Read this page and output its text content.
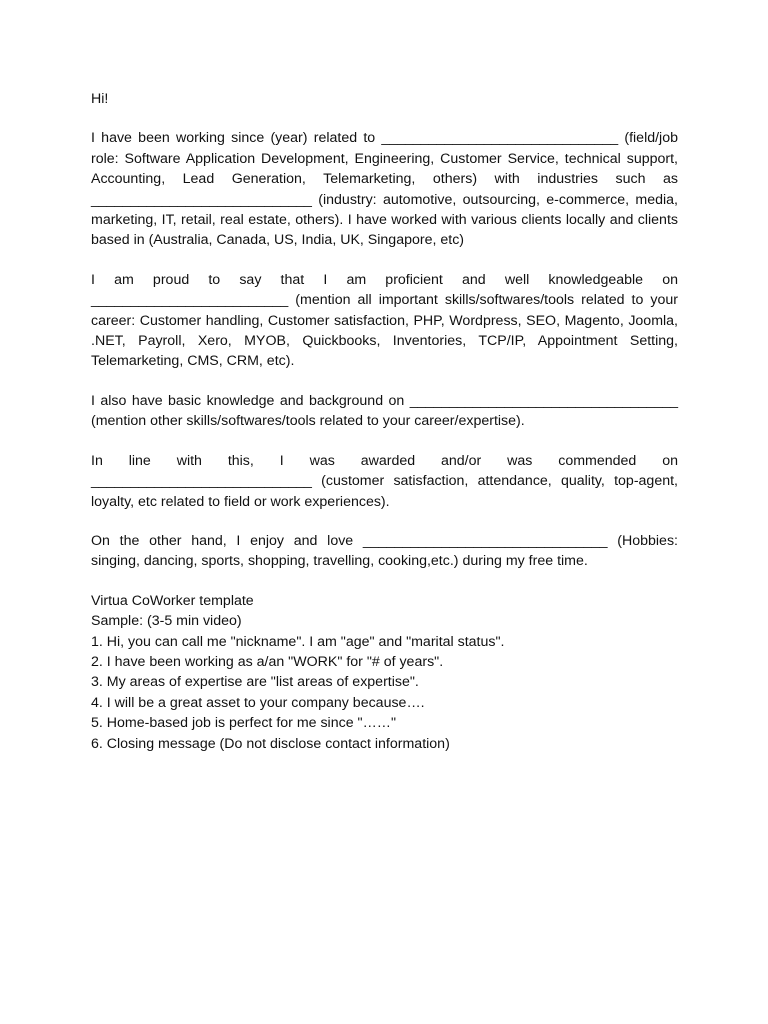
Hi!

I have been working since (year) related to ______________________________ (field/job role: Software Application Development, Engineering, Customer Service, technical support, Accounting, Lead Generation, Telemarketing, others) with industries such as ____________________________ (industry: automotive, outsourcing, e-commerce, media, marketing, IT, retail, real estate, others). I have worked with various clients locally and clients based in (Australia, Canada, US, India, UK, Singapore, etc)

I am proud to say that I am proficient and well knowledgeable on _________________________ (mention all important skills/softwares/tools related to your career: Customer handling, Customer satisfaction, PHP, Wordpress, SEO, Magento, Joomla, .NET, Payroll, Xero, MYOB, Quickbooks, Inventories, TCP/IP, Appointment Setting, Telemarketing, CMS, CRM, etc).

I also have basic knowledge and background on __________________________________ (mention other skills/softwares/tools related to your career/expertise).

In line with this, I was awarded and/or was commended on ____________________________ (customer satisfaction, attendance, quality, top-agent, loyalty, etc related to field or work experiences).

On the other hand, I enjoy and love _______________________________ (Hobbies: singing, dancing, sports, shopping, travelling, cooking,etc.) during my free time.

Virtua CoWorker template

Sample: (3-5 min video)

1. Hi, you can call me "nickname". I am "age" and "marital status".

2. I have been working as a/an "WORK" for "# of years".

3. My areas of expertise are "list areas of expertise".

4. I will be a great asset to your company because….

5. Home-based job is perfect for me since "……"

6. Closing message (Do not disclose contact information)
